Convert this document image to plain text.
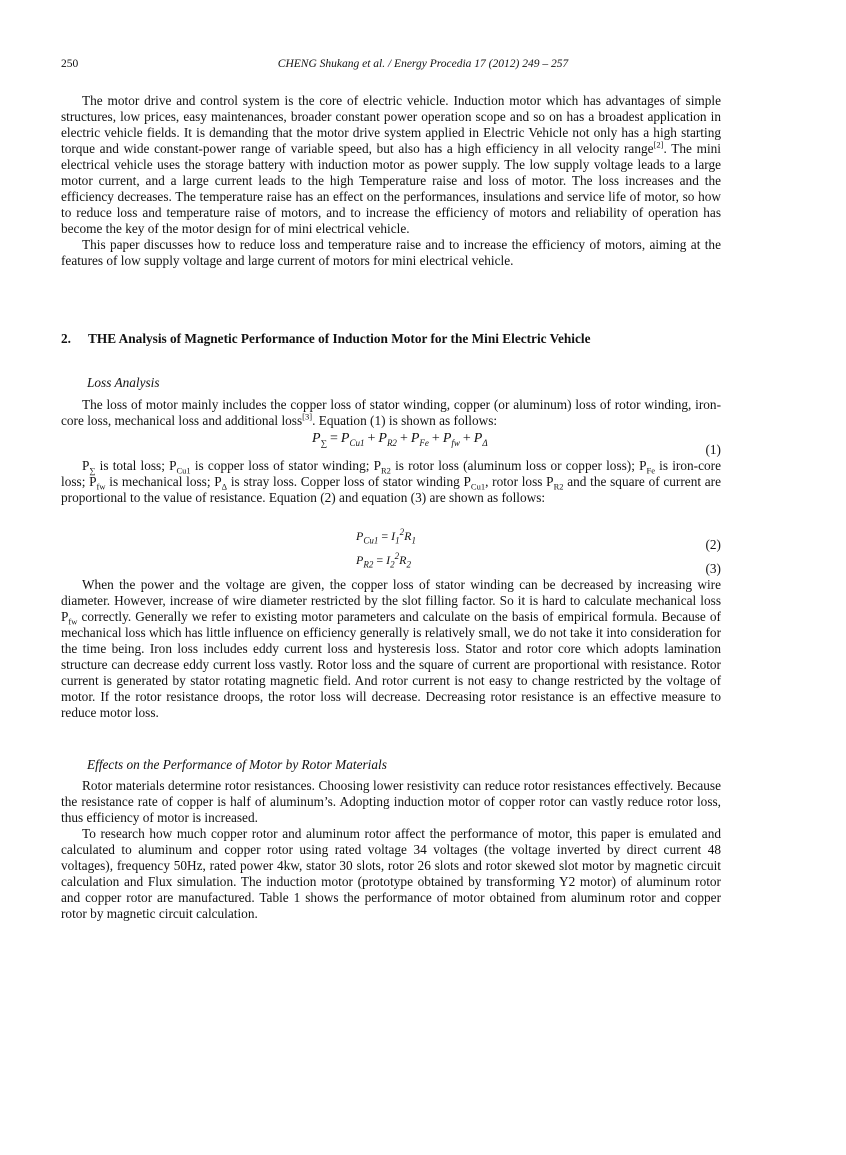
250	CHENG Shukang et al. / Energy Procedia 17 (2012) 249 – 257

The motor drive and control system is the core of electric vehicle. Induction motor which has advantages of simple structures, low prices, easy maintenances, broader constant power operation scope and so on has a broadest application in electric vehicle fields. It is demanding that the motor drive system applied in Electric Vehicle not only has a high starting torque and wide constant-power range of variable speed, but also has a high efficiency in all velocity range[2]. The mini electrical vehicle uses the storage battery with induction motor as power supply. The low supply voltage leads to a large motor current, and a large current leads to the high Temperature raise and loss of motor. The loss increases and the efficiency decreases. The temperature raise has an effect on the performances, insulations and service life of motor, so how to reduce loss and temperature raise of motors, and to increase the efficiency of motors and reliability of operation has become the key of the motor design for of mini electrical vehicle.

This paper discusses how to reduce loss and temperature raise and to increase the efficiency of motors, aiming at the features of low supply voltage and large current of motors for mini electrical vehicle.

2. THE Analysis of Magnetic Performance of Induction Motor for the Mini Electric Vehicle
Loss Analysis

The loss of motor mainly includes the copper loss of stator winding, copper (or aluminum) loss of rotor winding, iron-core loss, mechanical loss and additional loss[3]. Equation (1) is shown as follows:

$P_\sum = P_{Cu1} + P_{R2} + P_{Fe} + P_{fw} + P_\Delta$	(1)

$P_\sum$ is total loss; $P_{Cu1}$ is copper loss of stator winding; $P_{R2}$ is rotor loss (aluminum loss or copper loss); $P_{Fe}$ is iron-core loss; $P_{fw}$ is mechanical loss; $P_\Delta$ is stray loss. Copper loss of stator winding $P_{Cu1}$, rotor loss $P_{R2}$ and the square of current are proportional to the value of resistance. Equation (2) and equation (3) are shown as follows:

$P_{Cu1} = I_1^2R_1$	(2)
$P_{R2} = I_2^2R_2$	(3)

When the power and the voltage are given, the copper loss of stator winding can be decreased by increasing wire diameter. However, increase of wire diameter restricted by the slot filling factor. So it is hard to calculate mechanical loss $P_{fw}$ correctly. Generally we refer to existing motor parameters and calculate on the basis of empirical formula. Because of mechanical loss which has little influence on efficiency generally is relatively small, we do not take it into consideration for the time being. Iron loss includes eddy current loss and hysteresis loss. Stator and rotor core which adopts lamination structure can decrease eddy current loss vastly. Rotor loss and the square of current are proportional with resistance. Rotor current is generated by stator rotating magnetic field. And rotor current is not easy to change restricted by the voltage of motor. If the rotor resistance droops, the rotor loss will decrease. Decreasing rotor resistance is an effective measure to reduce motor loss.

Effects on the Performance of Motor by Rotor Materials

Rotor materials determine rotor resistances. Choosing lower resistivity can reduce rotor resistances effectively. Because the resistance rate of copper is half of aluminum’s. Adopting induction motor of copper rotor can vastly reduce rotor loss, thus efficiency of motor is increased.

To research how much copper rotor and aluminum rotor affect the performance of motor, this paper is emulated and calculated to aluminum and copper rotor using rated voltage 34 voltages (the voltage inverted by direct current 48 voltages), frequency 50Hz, rated power 4kw, stator 30 slots, rotor 26 slots and rotor skewed slot motor by magnetic circuit calculation and Flux simulation. The induction motor (prototype obtained by transforming Y2 motor) of aluminum rotor and copper rotor are manufactured. Table 1 shows the performance of motor obtained from aluminum rotor and copper rotor by magnetic circuit calculation.
